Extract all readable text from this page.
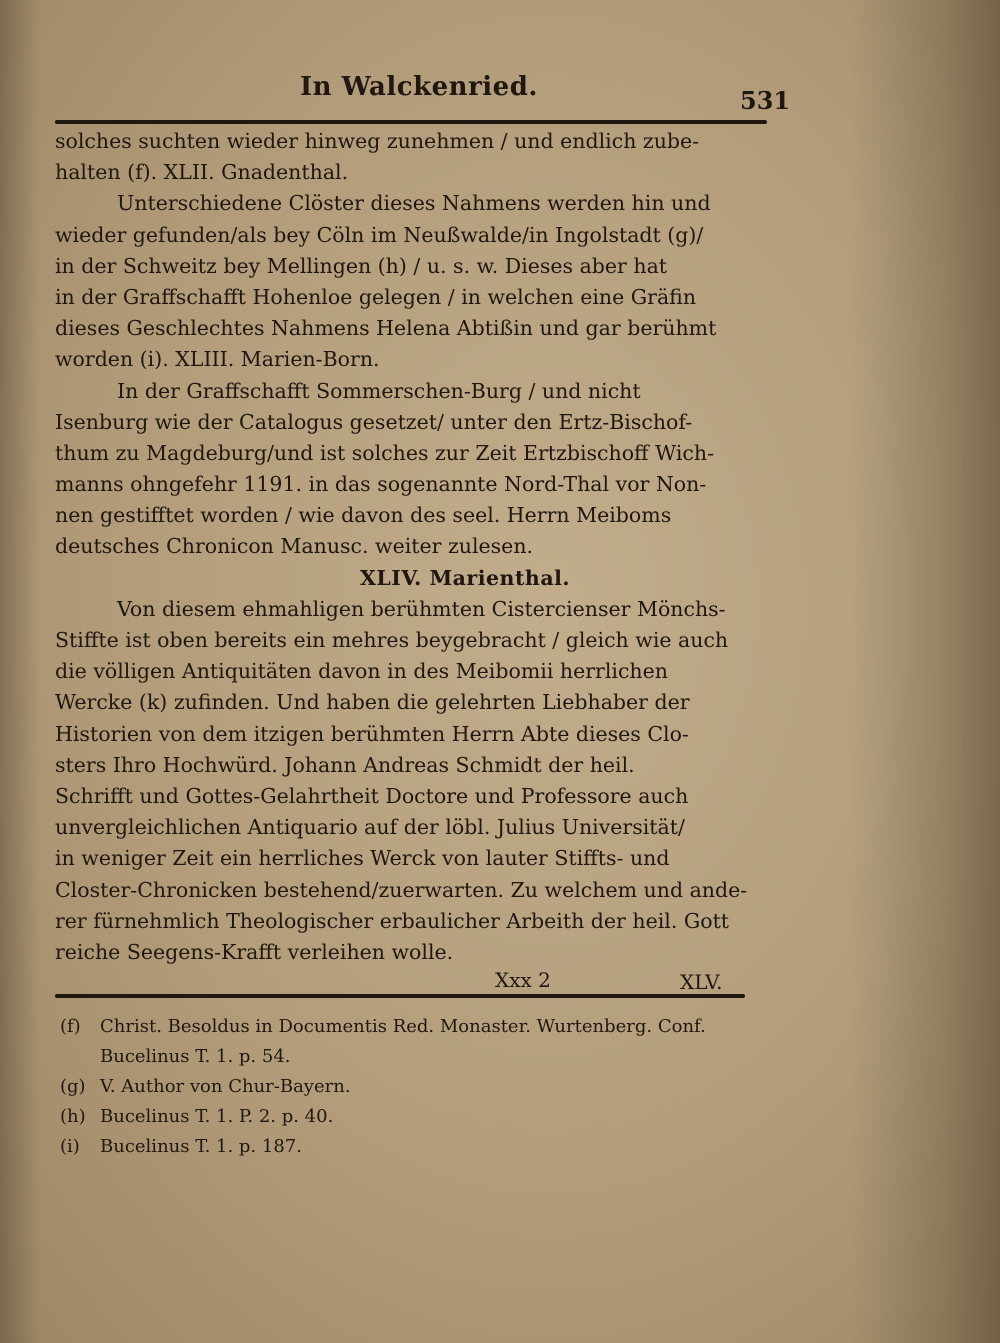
In Walckenried.	531
solches suchten wieder hinweg zunehmen / und endlich zube-
halten (f). XLII. Gnadenthal.
Unterschiedene Clöster dieses Nahmens werden hin und
wieder gefunden/als bey Cöln im Neußwalde/in Ingolstadt (g)/
in der Schweitz bey Mellingen (h) / u. s. w. Dieses aber hat
in der Graffschafft Hohenloe gelegen / in welchen eine Gräfin
dieses Geschlechtes Nahmens Helena Abtißin und gar berühmt
worden (i). XLIII. Marien-Born.
In der Graffschafft Sommerschen-Burg / und nicht
Isenburg wie der Catalogus gesetzet/ unter den Ertz-Bischof-
thum zu Magdeburg/und ist solches zur Zeit Ertzbischoff Wich-
manns ohngefehr 1191. in das sogenannte Nord-Thal vor Non-
nen gestifftet worden / wie davon des seel. Herrn Meiboms
deutsches Chronicon Manusc. weiter zulesen.
XLIV. Marienthal.
Von diesem ehmahligen berühmten Cistercienser Mönchs-
Stiffte ist oben bereits ein mehres beygebracht / gleich wie auch
die völligen Antiquitäten davon in des Meibomii herrlichen
Wercke (k) zufinden. Und haben die gelehrten Liebhaber der
Historien von dem itzigen berühmten Herrn Abte dieses Clo-
sters Ihro Hochwürd. Johann Andreas Schmidt der heil.
Schrifft und Gottes-Gelahrtheit Doctore und Professore auch
unvergleichlichen Antiquario auf der löbl. Julius Universität/
in weniger Zeit ein herrliches Werck von lauter Stiffts- und
Closter-Chronicken bestehend/zuerwarten. Zu welchem und ande-
rer fürnehmlich Theologischer erbaulicher Arbeith der heil. Gott
reiche Seegens-Krafft verleihen wolle.
Xxx 2	XLV.
(f) Christ. Besoldus in Documentis Red. Monaster. Wurtenberg. Conf.
Bucelinus T. 1. p. 54.
(g) V. Author von Chur-Bayern.
(h) Bucelinus T. 1. P. 2. p. 40.
(i) Bucelinus T. 1. p. 187.
